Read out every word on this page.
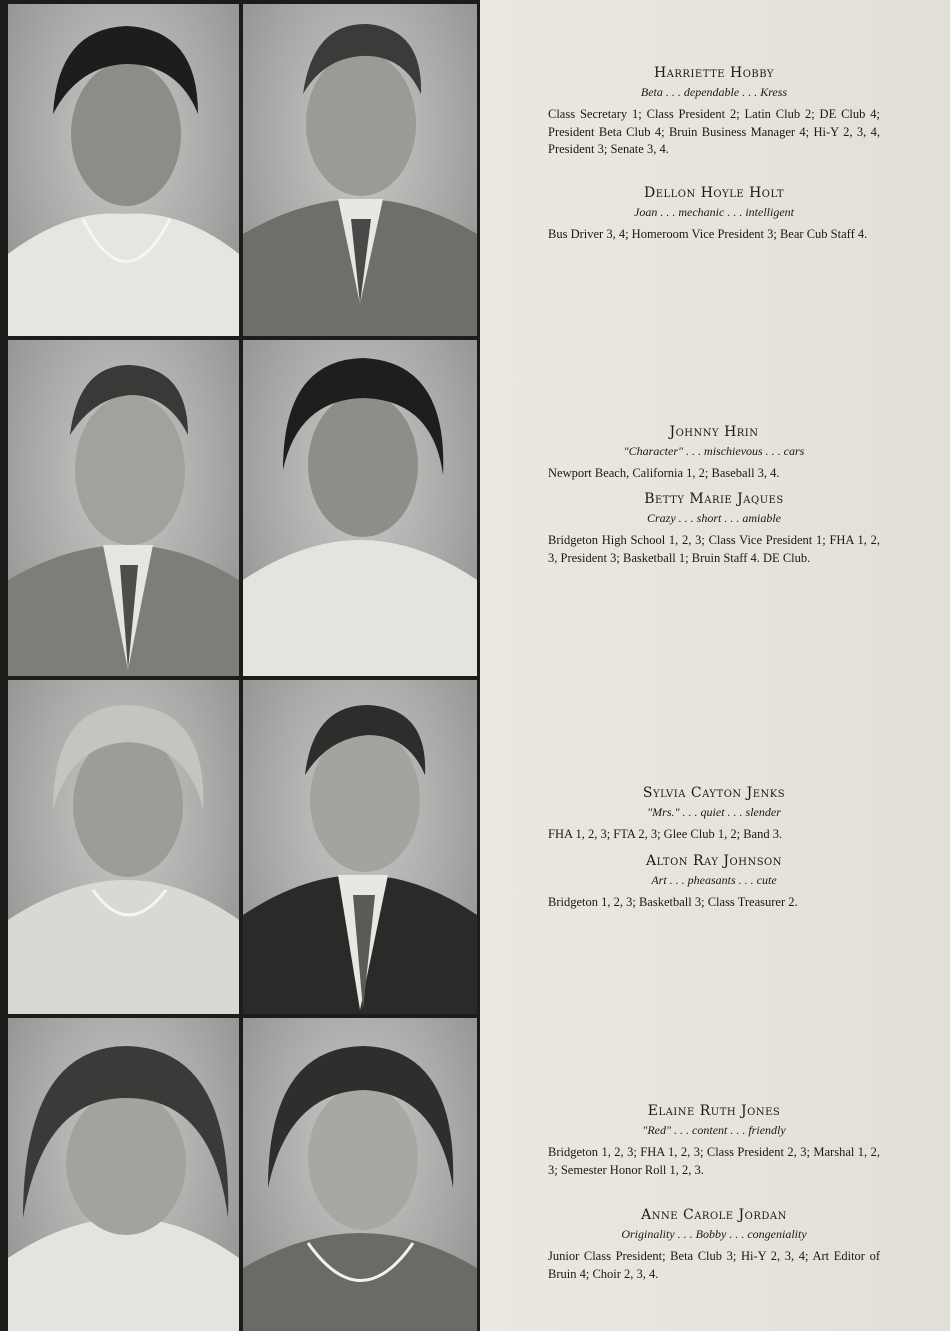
Harriette Hobby

Beta . . . dependable . . . Kress

Class Secretary 1; Class President 2; Latin Club 2; DE Club 4; President Beta Club 4; Bruin Business Manager 4; Hi-Y 2, 3, 4, President 3; Senate 3, 4.

Dellon Hoyle Holt

Joan . . . mechanic . . . intelligent

Bus Driver 3, 4; Homeroom Vice President 3; Bear Cub Staff 4.

Johnny Hrin

"Character" . . . mischievous . . . cars

Newport Beach, California 1, 2; Baseball 3, 4.

Betty Marie Jaques

Crazy . . . short . . . amiable

Bridgeton High School 1, 2, 3; Class Vice President 1; FHA 1, 2, 3, President 3; Basketball 1; Bruin Staff 4. DE Club.

Sylvia Cayton Jenks

"Mrs." . . . quiet . . . slender

FHA 1, 2, 3; FTA 2, 3; Glee Club 1, 2; Band 3.

Alton Ray Johnson

Art . . . pheasants . . . cute

Bridgeton 1, 2, 3; Basketball 3; Class Treasurer 2.

Elaine Ruth Jones

"Red" . . . content . . . friendly

Bridgeton 1, 2, 3; FHA 1, 2, 3; Class President 2, 3; Marshal 1, 2, 3; Semester Honor Roll 1, 2, 3.

Anne Carole Jordan

Originality . . . Bobby . . . congeniality

Junior Class President; Beta Club 3; Hi-Y 2, 3, 4; Art Editor of Bruin 4; Choir 2, 3, 4.
